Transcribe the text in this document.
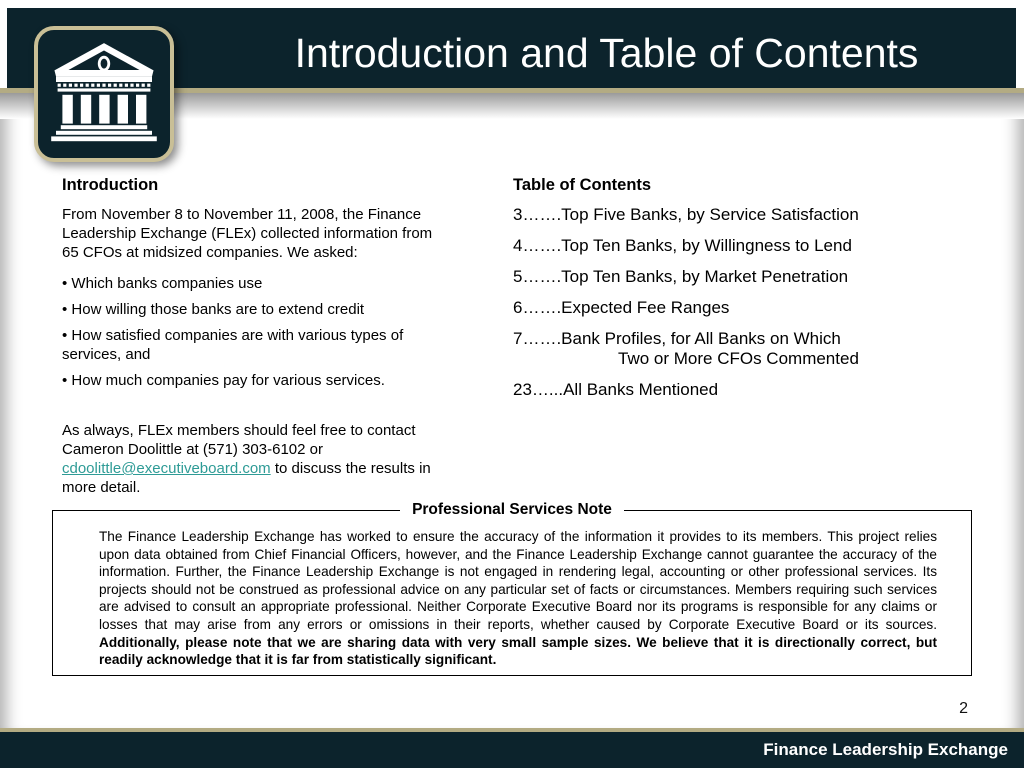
Introduction and Table of Contents
Introduction

From November 8 to November 11, 2008, the Finance Leadership Exchange (FLEx) collected information from 65 CFOs at midsized companies. We asked:

• Which banks companies use

• How willing those banks are to extend credit

• How satisfied companies are with various types of services, and

• How much companies pay for various services.

As always, FLEx members should feel free to contact Cameron Doolittle at (571) 303-6102 or cdoolittle@executiveboard.com to discuss the results in more detail.

Table of Contents
3…….Top Five Banks, by Service Satisfaction
4…….Top Ten Banks, by Willingness to Lend
5…….Top Ten Banks, by Market Penetration
6…….Expected Fee Ranges
7…….Bank Profiles, for All Banks on Which
Two or More CFOs Commented
23…...All Banks Mentioned
Professional Services Note
The Finance Leadership Exchange has worked to ensure the accuracy of the information it provides to its members. This project relies upon data obtained from Chief Financial Officers, however, and the Finance Leadership Exchange cannot guarantee the accuracy of the information. Further, the Finance Leadership Exchange is not engaged in rendering legal, accounting or other professional services. Its projects should not be construed as professional advice on any particular set of facts or circumstances. Members requiring such services are advised to consult an appropriate professional. Neither Corporate Executive Board nor its programs is responsible for any claims or losses that may arise from any errors or omissions in their reports, whether caused by Corporate Executive Board or its sources. Additionally, please note that we are sharing data with very small sample sizes. We believe that it is directionally correct, but readily acknowledge that it is far from statistically significant.
2
Finance Leadership Exchange
